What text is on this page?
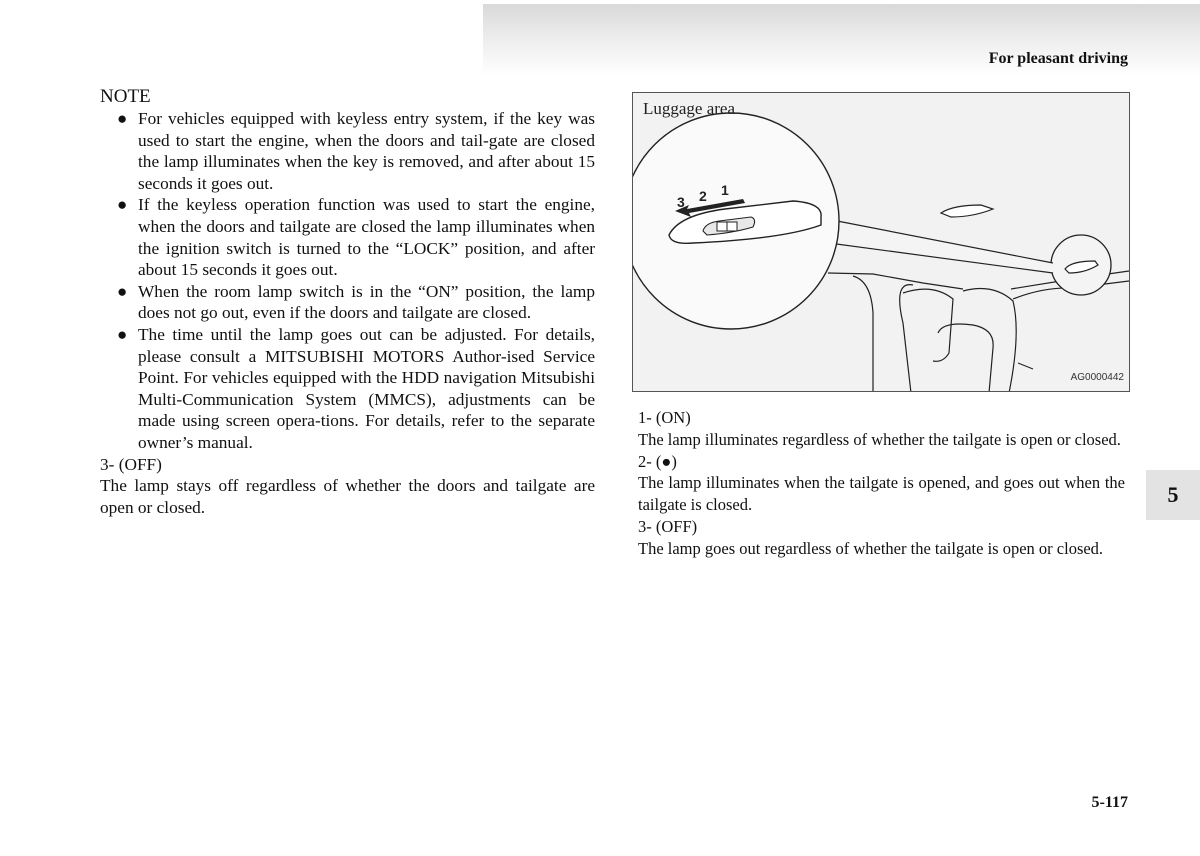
For pleasant driving
NOTE
● For vehicles equipped with keyless entry system, if the key was used to start the engine, when the doors and tail-gate are closed the lamp illuminates when the key is removed, and after about 15 seconds it goes out.
● If the keyless operation function was used to start the engine, when the doors and tailgate are closed the lamp illuminates when the ignition switch is turned to the “LOCK” position, and after about 15 seconds it goes out.
● When the room lamp switch is in the “ON” position, the lamp does not go out, even if the doors and tailgate are closed.
● The time until the lamp goes out can be adjusted. For details, please consult a MITSUBISHI MOTORS Author-ised Service Point. For vehicles equipped with the HDD navigation Mitsubishi Multi-Communication System (MMCS), adjustments can be made using screen opera-tions. For details, refer to the separate owner’s manual.
3- (OFF)
The lamp stays off regardless of whether the doors and tailgate are open or closed.
Luggage area
3 2 1
AG0000442
1- (ON)
The lamp illuminates regardless of whether the tailgate is open or closed.
2- (●)
The lamp illuminates when the tailgate is opened, and goes out when the tailgate is closed.
3- (OFF)
The lamp goes out regardless of whether the tailgate is open or closed.
5
5-117
